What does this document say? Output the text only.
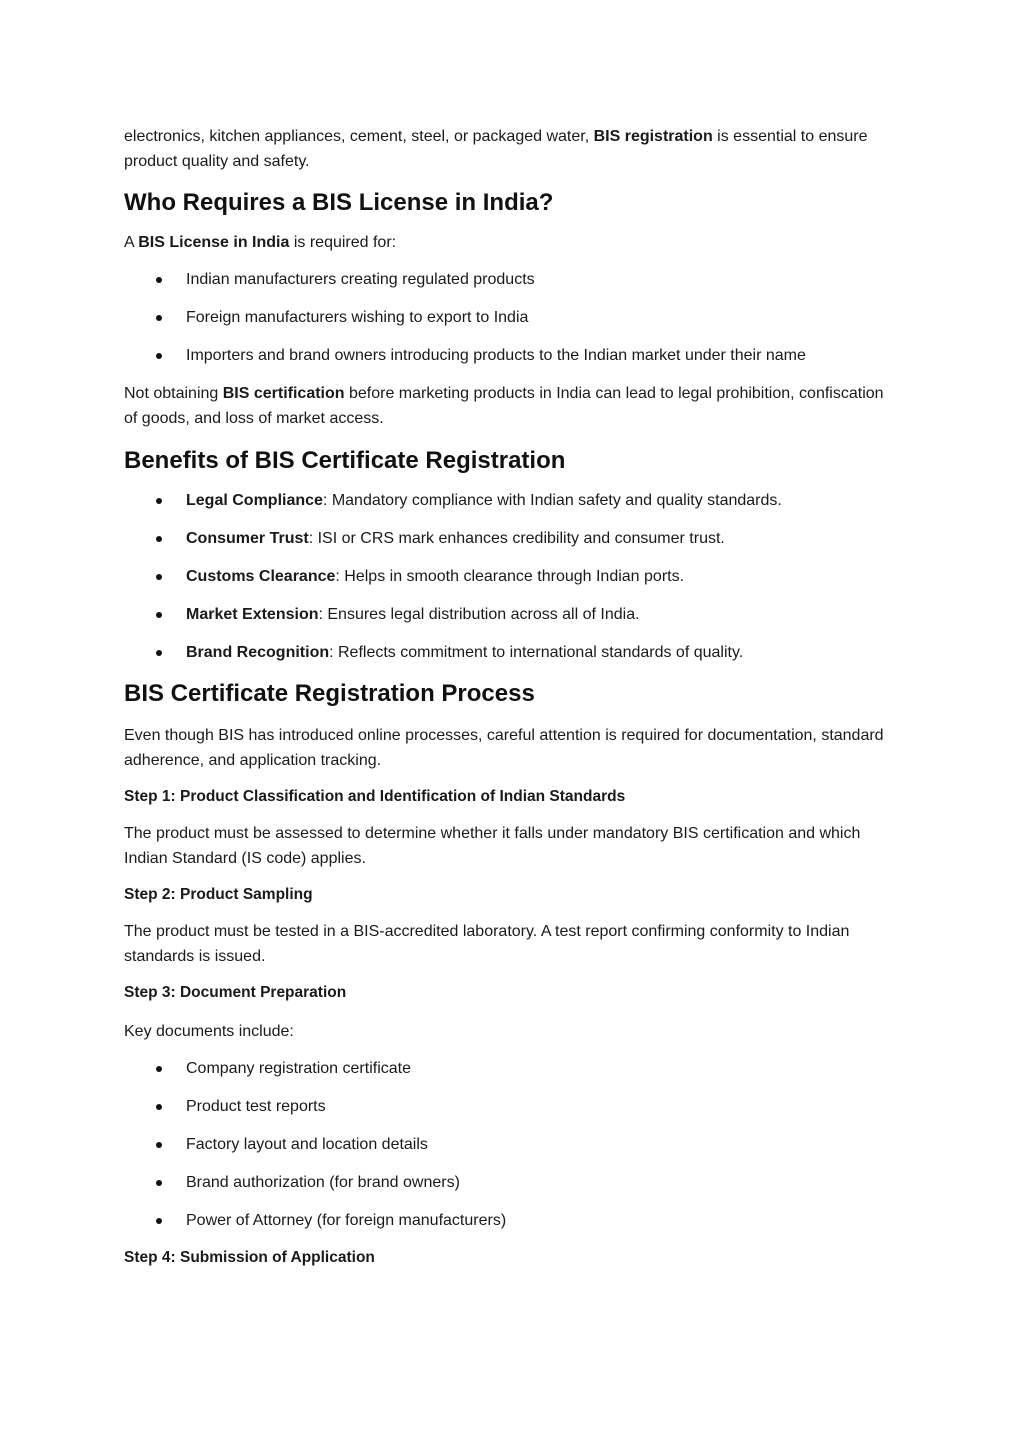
electronics, kitchen appliances, cement, steel, or packaged water, BIS registration is essential to ensure product quality and safety.

Who Requires a BIS License in India?

A BIS License in India is required for:

Indian manufacturers creating regulated products
Foreign manufacturers wishing to export to India
Importers and brand owners introducing products to the Indian market under their name

Not obtaining BIS certification before marketing products in India can lead to legal prohibition, confiscation of goods, and loss of market access.

Benefits of BIS Certificate Registration
Legal Compliance: Mandatory compliance with Indian safety and quality standards.
Consumer Trust: ISI or CRS mark enhances credibility and consumer trust.
Customs Clearance: Helps in smooth clearance through Indian ports.
Market Extension: Ensures legal distribution across all of India.
Brand Recognition: Reflects commitment to international standards of quality.
BIS Certificate Registration Process

Even though BIS has introduced online processes, careful attention is required for documentation, standard adherence, and application tracking.

Step 1: Product Classification and Identification of Indian Standards

The product must be assessed to determine whether it falls under mandatory BIS certification and which Indian Standard (IS code) applies.

Step 2: Product Sampling

The product must be tested in a BIS-accredited laboratory. A test report confirming conformity to Indian standards is issued.

Step 3: Document Preparation

Key documents include:

Company registration certificate
Product test reports
Factory layout and location details
Brand authorization (for brand owners)
Power of Attorney (for foreign manufacturers)
Step 4: Submission of Application
